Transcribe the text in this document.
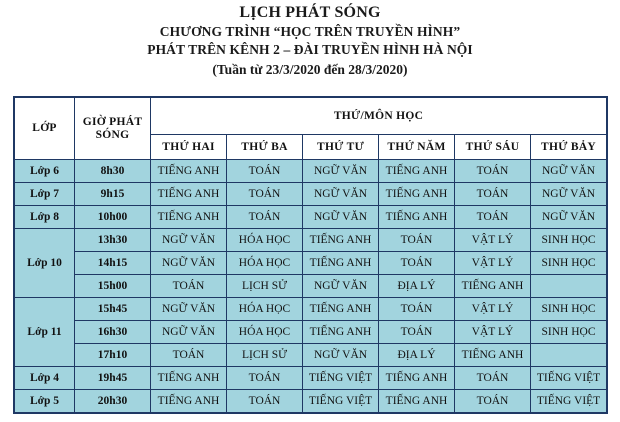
LỊCH PHÁT SÓNG
CHƯƠNG TRÌNH “HỌC TRÊN TRUYỀN HÌNH”
PHÁT TRÊN KÊNH 2 – ĐÀI TRUYỀN HÌNH HÀ NỘI
(Tuần từ 23/3/2020 đến 28/3/2020)
LỚP	GIỜ PHÁT SÓNG	THỨ/MÔN HỌC					
		THỨ HAI	THỨ BA	THỨ TƯ	THỨ NĂM	THỨ SÁU	THỨ BẢY
Lớp 6	8h30	TIẾNG ANH	TOÁN	NGỮ VĂN	TIẾNG ANH	TOÁN	NGỮ VĂN
Lớp 7	9h15	TIẾNG ANH	TOÁN	NGỮ VĂN	TIẾNG ANH	TOÁN	NGỮ VĂN
Lớp 8	10h00	TIẾNG ANH	TOÁN	NGỮ VĂN	TIẾNG ANH	TOÁN	NGỮ VĂN
Lớp 10	13h30	NGỮ VĂN	HÓA HỌC	TIẾNG ANH	TOÁN	VẬT LÝ	SINH HỌC
	14h15	NGỮ VĂN	HÓA HỌC	TIẾNG ANH	TOÁN	VẬT LÝ	SINH HỌC
	15h00	TOÁN	LỊCH SỬ	NGỮ VĂN	ĐỊA LÝ	TIẾNG ANH	
Lớp 11	15h45	NGỮ VĂN	HÓA HỌC	TIẾNG ANH	TOÁN	VẬT LÝ	SINH HỌC
	16h30	NGỮ VĂN	HÓA HỌC	TIẾNG ANH	TOÁN	VẬT LÝ	SINH HỌC
	17h10	TOÁN	LỊCH SỬ	NGỮ VĂN	ĐỊA LÝ	TIẾNG ANH	
Lớp 4	19h45	TIẾNG ANH	TOÁN	TIẾNG VIỆT	TIẾNG ANH	TOÁN	TIẾNG VIỆT
Lớp 5	20h30	TIẾNG ANH	TOÁN	TIẾNG VIỆT	TIẾNG ANH	TOÁN	TIẾNG VIỆT
